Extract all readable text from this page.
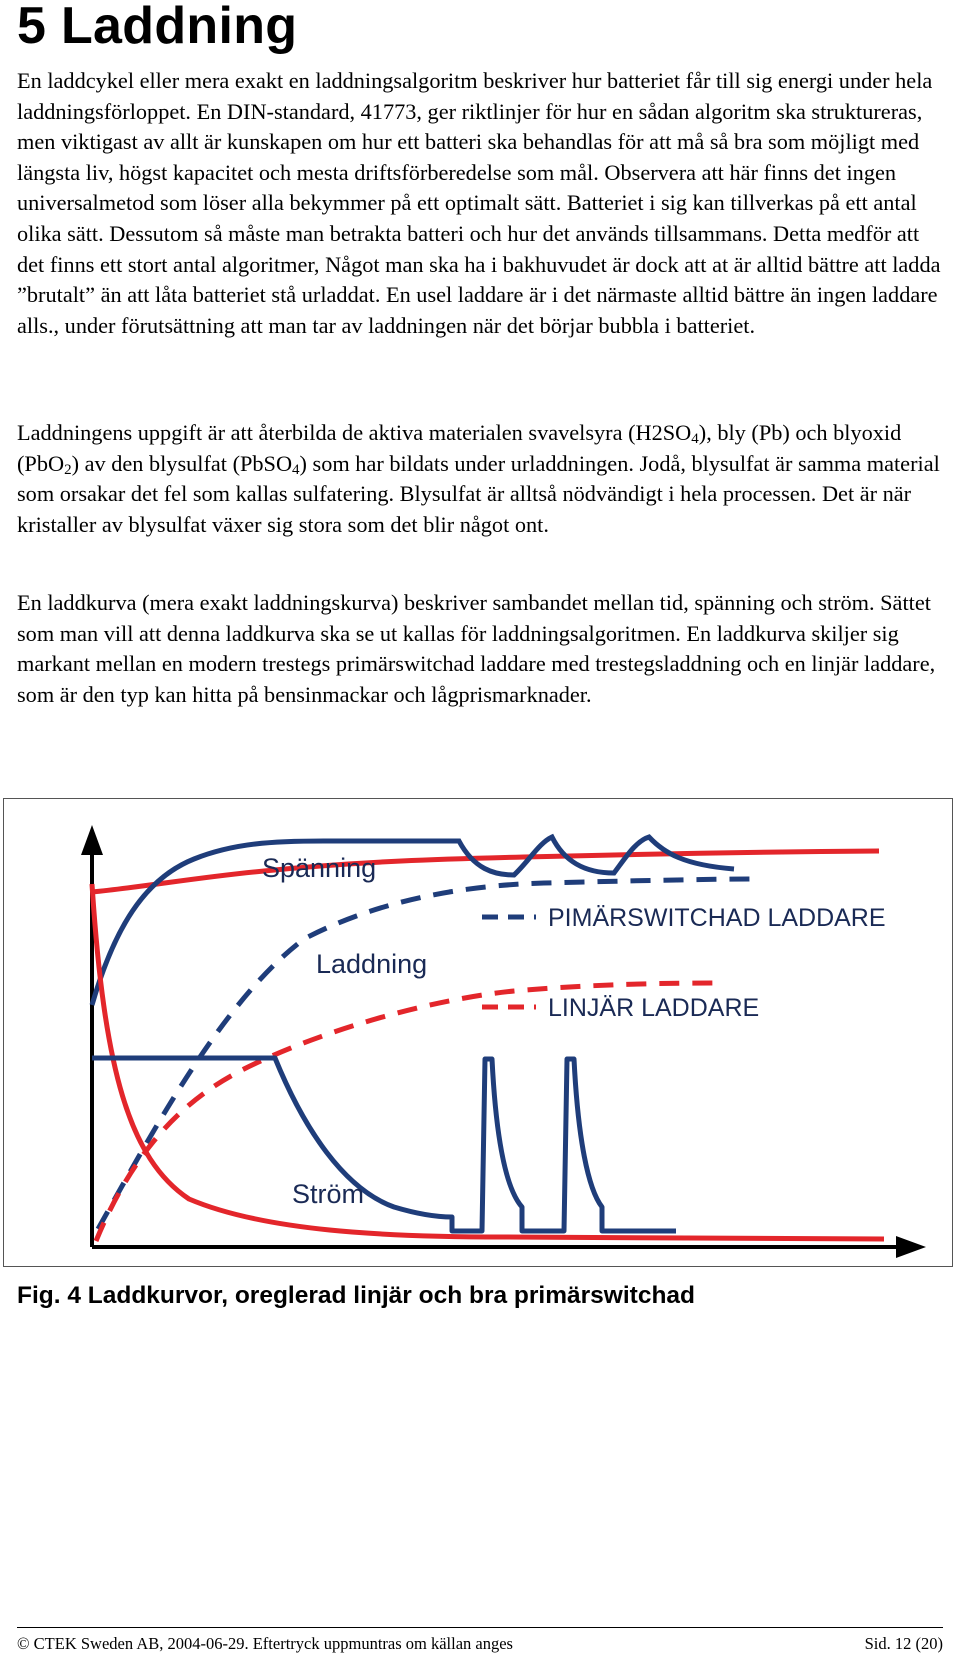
5 Laddning

En laddcykel eller mera exakt en laddningsalgoritm beskriver hur batteriet får till sig energi under hela laddningsförloppet. En DIN-standard, 41773, ger riktlinjer för hur en sådan algoritm ska struktureras, men viktigast av allt är kunskapen om hur ett batteri ska behandlas för att må så bra som möjligt med längsta liv, högst kapacitet och mesta driftsförberedelse som mål. Observera att här finns det ingen universalmetod som löser alla bekymmer på ett optimalt sätt. Batteriet i sig kan tillverkas på ett antal olika sätt. Dessutom så måste man betrakta batteri och hur det används tillsammans. Detta medför att det finns ett stort antal algoritmer, Något man ska ha i bakhuvudet är dock att at är alltid bättre att ladda ”brutalt” än att låta batteriet stå urladdat. En usel laddare är i det närmaste alltid bättre än ingen laddare alls., under förutsättning att man tar av laddningen när det börjar bubbla i batteriet.

Laddningens uppgift är att återbilda de aktiva materialen svavelsyra $(H2SO_4)$, bly (Pb) och blyoxid (PbO$_2$) av den blysulfat (PbSO$_4$) som har bildats under urladdningen. Jodå, blysulfat är samma material som orsakar det fel som kallas sulfatering. Blysulfat är alltså nödvändigt i hela processen. Det är när kristaller av blysulfat växer sig stora som det blir något ont.

En laddkurva (mera exakt laddningskurva) beskriver sambandet mellan tid, spänning och ström. Sättet som man vill att denna laddkurva ska se ut kallas för laddningsalgoritmen. En laddkurva skiljer sig markant mellan en modern trestegs primärswitchad laddare med trestegsladdning och en linjär laddare, som är den typ kan hitta på bensinmackar och lågprismarknader.

Spänning
Laddning
Ström
PIMÄRSWITCHAD LADDARE
LINJÄR LADDARE

Fig. 4 Laddkurvor, oreglerad linjär och bra primärswitchad

© CTEK Sweden AB, 2004-06-29. Eftertryck uppmuntras om källan anges	Sid. 12 (20)
